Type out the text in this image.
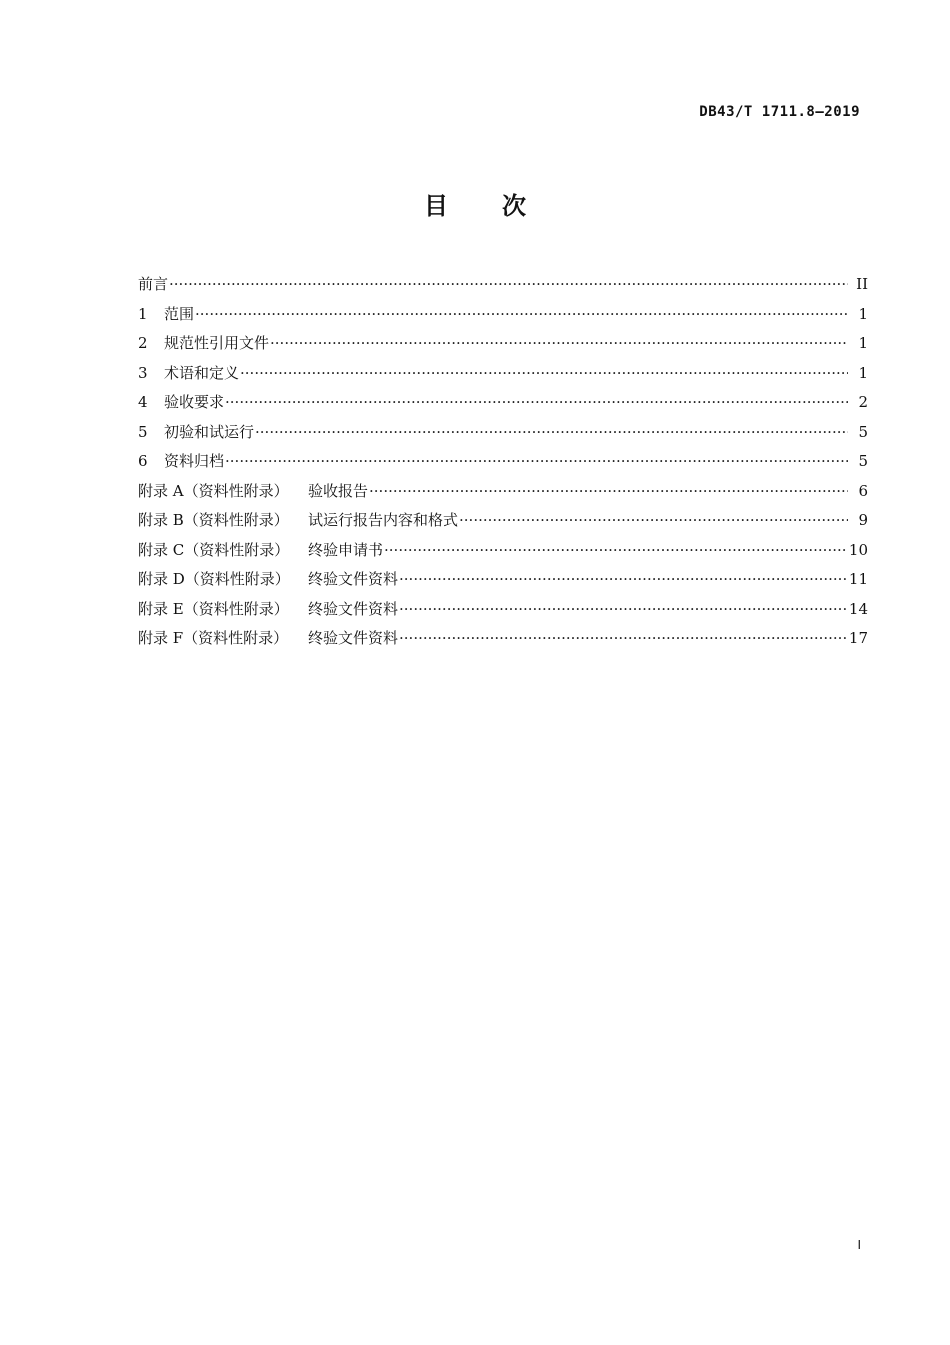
DB43/T 1711.8—2019
目 次
前言 ·····	II
1	范围 ·····	1
2	规范性引用文件 ·····	1
3	术语和定义 ·····	1
4	验收要求 ·····	2
5	初验和试运行 ·····	5
6	资料归档 ·····	5
附录 A（资料性附录）	验收报告 ·····	6
附录 B（资料性附录）	试运行报告内容和格式 ·····	9
附录 C（资料性附录）	终验申请书 ·····	10
附录 D（资料性附录）	终验文件资料 ·····	11
附录 E（资料性附录）	终验文件资料 ·····	14
附录 F（资料性附录）	终验文件资料 ·····	17
I
